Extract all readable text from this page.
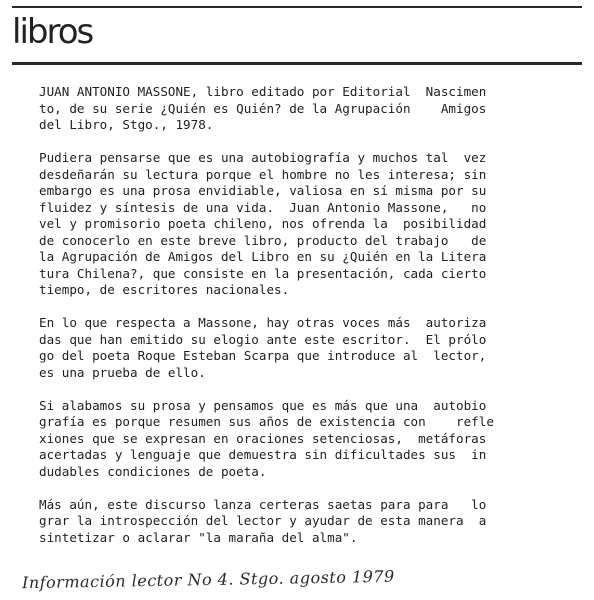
libros
JUAN ANTONIO MASSONE, libro editado por Editorial  Nascimen
to, de su serie ¿Quién es Quién? de la Agrupación    Amigos
del Libro, Stgo., 1978.
Pudiera pensarse que es una autobiografía y muchos tal  vez
desdeñarán su lectura porque el hombre no les interesa; sin
embargo es una prosa envidiable, valiosa en sí misma por su
fluidez y síntesis de una vida.  Juan Antonio Massone,   no
vel y promisorio poeta chileno, nos ofrenda la  posibilidad
de conocerlo en este breve libro, producto del trabajo   de
la Agrupación de Amigos del Libro en su ¿Quién en la Litera
tura Chilena?, que consiste en la presentación, cada cierto
tiempo, de escritores nacionales.
En lo que respecta a Massone, hay otras voces más  autoriza
das que han emitido su elogio ante este escritor.  El prólo
go del poeta Roque Esteban Scarpa que introduce al  lector,
es una prueba de ello.
Si alabamos su prosa y pensamos que es más que una  autobio
grafía es porque resumen sus años de existencia con    refle
xiones que se expresan en oraciones setenciosas,  metáforas
acertadas y lenguaje que demuestra sin dificultades sus  in
dudables condiciones de poeta.
Más aún, este discurso lanza certeras saetas para para   lo
grar la introspección del lector y ayudar de esta manera  a
sintetizar o aclarar "la maraña del alma".
Información lector No 4. Stgo. agosto 1979
